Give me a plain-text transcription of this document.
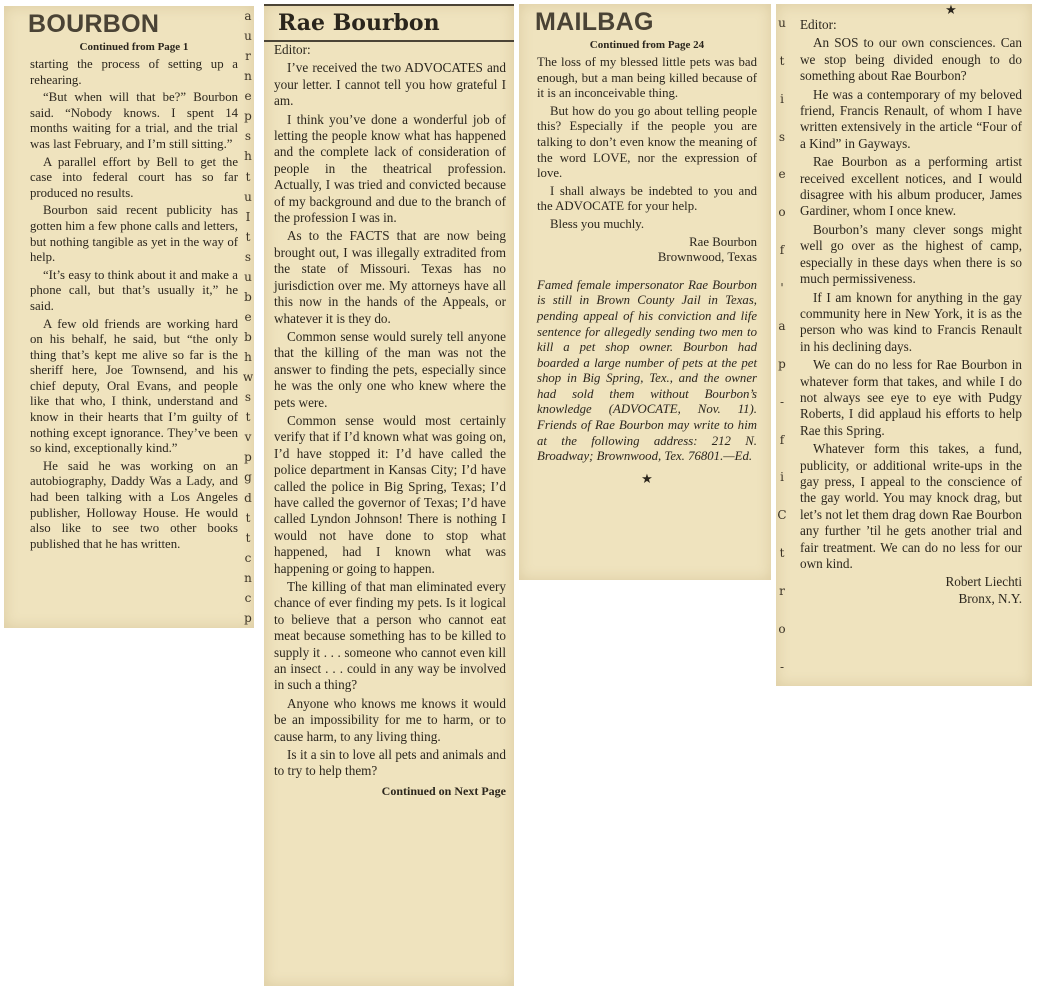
BOURBON
Continued from Page 1

starting the process of setting up a rehearing.

“But when will that be?” Bourbon said. “Nobody knows. I spent 14 months waiting for a trial, and the trial was last February, and I’m still sitting.”

A parallel effort by Bell to get the case into federal court has so far produced no results.

Bourbon said recent publicity has gotten him a few phone calls and letters, but nothing tangible as yet in the way of help.

“It’s easy to think about it and make a phone call, but that’s usually it,” he said.

A few old friends are working hard on his behalf, he said, but “the only thing that’s kept me alive so far is the sheriff here, Joe Townsend, and his chief deputy, Oral Evans, and people like that who, I think, understand and know in their hearts that I’m guilty of nothing except ignorance. They’ve been so kind, exceptionally kind.”

He said he was working on an autobiography, Daddy Was a Lady, and had been talking with a Los Angeles publisher, Holloway House. He would also like to see two other books published that he has written.

a
u
r
n
e
p
s
h
t
u
I
t
s
u
b
e
b
h
w
s
t
v
p
g
d
t
t
c
n
c
p
Rae Bourbon

Editor:

I’ve received the two ADVOCATES and your letter. I cannot tell you how grateful I am.

I think you’ve done a wonderful job of letting the people know what has happened and the complete lack of consideration of people in the theatrical profession. Actually, I was tried and convicted because of my background and due to the branch of the profession I was in.

As to the FACTS that are now being brought out, I was illegally extradited from the state of Missouri. Texas has no jurisdiction over me. My attorneys have all this now in the hands of the Appeals, or whatever it is they do.

Common sense would surely tell anyone that the killing of the man was not the answer to finding the pets, especially since he was the only one who knew where the pets were.

Common sense would most certainly verify that if I’d known what was going on, I’d have stopped it: I’d have called the police department in Kansas City; I’d have called the police in Big Spring, Texas; I’d have called the governor of Texas; I’d have called Lyndon Johnson! There is nothing I would not have done to stop what happened, had I known what was happening or going to happen.

The killing of that man eliminated every chance of ever finding my pets. Is it logical to believe that a person who cannot eat meat because something has to be killed to supply it . . . someone who cannot even kill an insect . . . could in any way be involved in such a thing?

Anyone who knows me knows it would be an impossibility for me to harm, or to cause harm, to any living thing.

Is it a sin to love all pets and animals and to try to help them?

Continued on Next Page
MAILBAG
Continued from Page 24

The loss of my blessed little pets was bad enough, but a man being killed because of it is an inconceivable thing.

But how do you go about telling people this? Especially if the people you are talking to don’t even know the meaning of the word LOVE, nor the expression of love.

I shall always be indebted to you and the ADVOCATE for your help.

Bless you muchly.

Rae Bourbon
Brownwood, Texas
Famed female impersonator Rae Bourbon is still in Brown County Jail in Texas, pending appeal of his conviction and life sentence for allegedly sending two men to kill a pet shop owner. Bourbon had boarded a large number of pets at the pet shop in Big Spring, Tex., and the owner had sold them without Bourbon’s knowledge (ADVOCATE, Nov. 11). Friends of Rae Bourbon may write to him at the following address: 212 N. Broadway; Brownwood, Tex. 76801.—Ed.
★
u
t
i
s
e
o
f
'
a
p
-
f
i
C
t
r
o
-
★

Editor:

An SOS to our own consciences. Can we stop being divided enough to do something about Rae Bourbon?

He was a contemporary of my beloved friend, Francis Renault, of whom I have written extensively in the article “Four of a Kind” in Gayways.

Rae Bourbon as a performing artist received excellent notices, and I would disagree with his album producer, James Gardiner, whom I once knew.

Bourbon’s many clever songs might well go over as the highest of camp, especially in these days when there is so much permissiveness.

If I am known for anything in the gay community here in New York, it is as the person who was kind to Francis Renault in his declining days.

We can do no less for Rae Bourbon in whatever form that takes, and while I do not always see eye to eye with Pudgy Roberts, I did applaud his efforts to help Rae this Spring.

Whatever form this takes, a fund, publicity, or additional write-ups in the gay press, I appeal to the conscience of the gay world. You may knock drag, but let’s not let them drag down Rae Bourbon any further ’til he gets another trial and fair treatment. We can do no less for our own kind.

Robert Liechti
Bronx, N.Y.
